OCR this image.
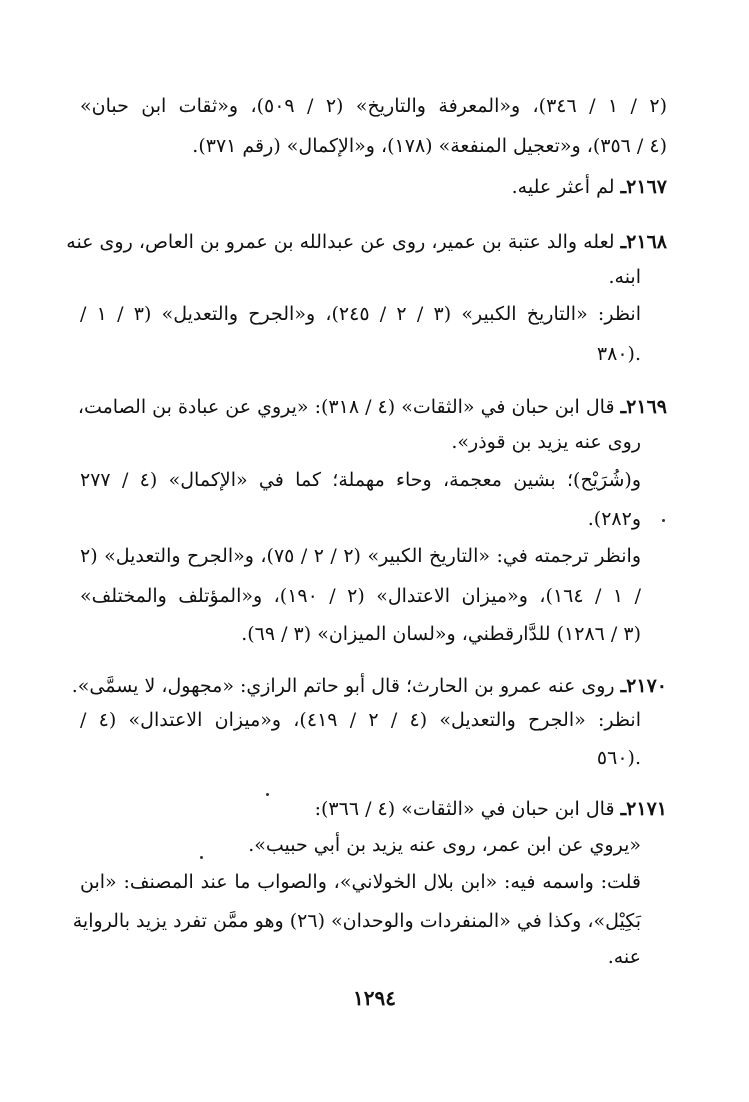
(٢ / ١ / ٣٤٦)، و«المعرفة والتاريخ» (٢ / ٥٠٩)، و«ثقات ابن حبان»
(٤ / ٣٥٦)، و«تعجيل المنفعة» (١٧٨)، و«الإكمال» (رقم ٣٧١).
٢١٦٧ـ لم أعثر عليه.
٢١٦٨ـ لعله والد عتبة بن عمير، روى عن عبدالله بن عمرو بن العاص، روى عنه
ابنه.
انظر: «التاريخ الكبير» (٣ / ٢ / ٢٤٥)، و«الجرح والتعديل» (٣ / ١ /
٣٨٠).
٢١٦٩ـ قال ابن حبان في «الثقات» (٤ / ٣١٨): «يروي عن عبادة بن الصامت،
روى عنه يزيد بن قوذر».
و(شُرَيْح)؛ بشين معجمة، وحاء مهملة؛ كما في «الإكمال» (٤ / ٢٧٧
و٢٨٢).
وانظر ترجمته في: «التاريخ الكبير» (٢ / ٢ / ٧٥)، و«الجرح والتعديل» (٢
/ ١ / ١٦٤)، و«ميزان الاعتدال» (٢ / ١٩٠)، و«المؤتلف والمختلف»
(٣ / ١٢٨٦) للدَّارقطني، و«لسان الميزان» (٣ / ٦٩).
٢١٧٠ـ روى عنه عمرو بن الحارث؛ قال أبو حاتم الرازي: «مجهول، لا يسمَّى».
انظر: «الجرح والتعديل» (٤ / ٢ / ٤١٩)، و«ميزان الاعتدال» (٤ /
٥٦٠).
٢١٧١ـ قال ابن حبان في «الثقات» (٤ / ٣٦٦):
«يروي عن ابن عمر، روى عنه يزيد بن أبي حبيب».
قلت: واسمه فيه: «ابن بلال الخولاني»، والصواب ما عند المصنف: «ابن
بَكِيْل»، وكذا في «المنفردات والوحدان» (٢٦) وهو ممَّن تفرد يزيد بالرواية
عنه.
١٢٩٤
